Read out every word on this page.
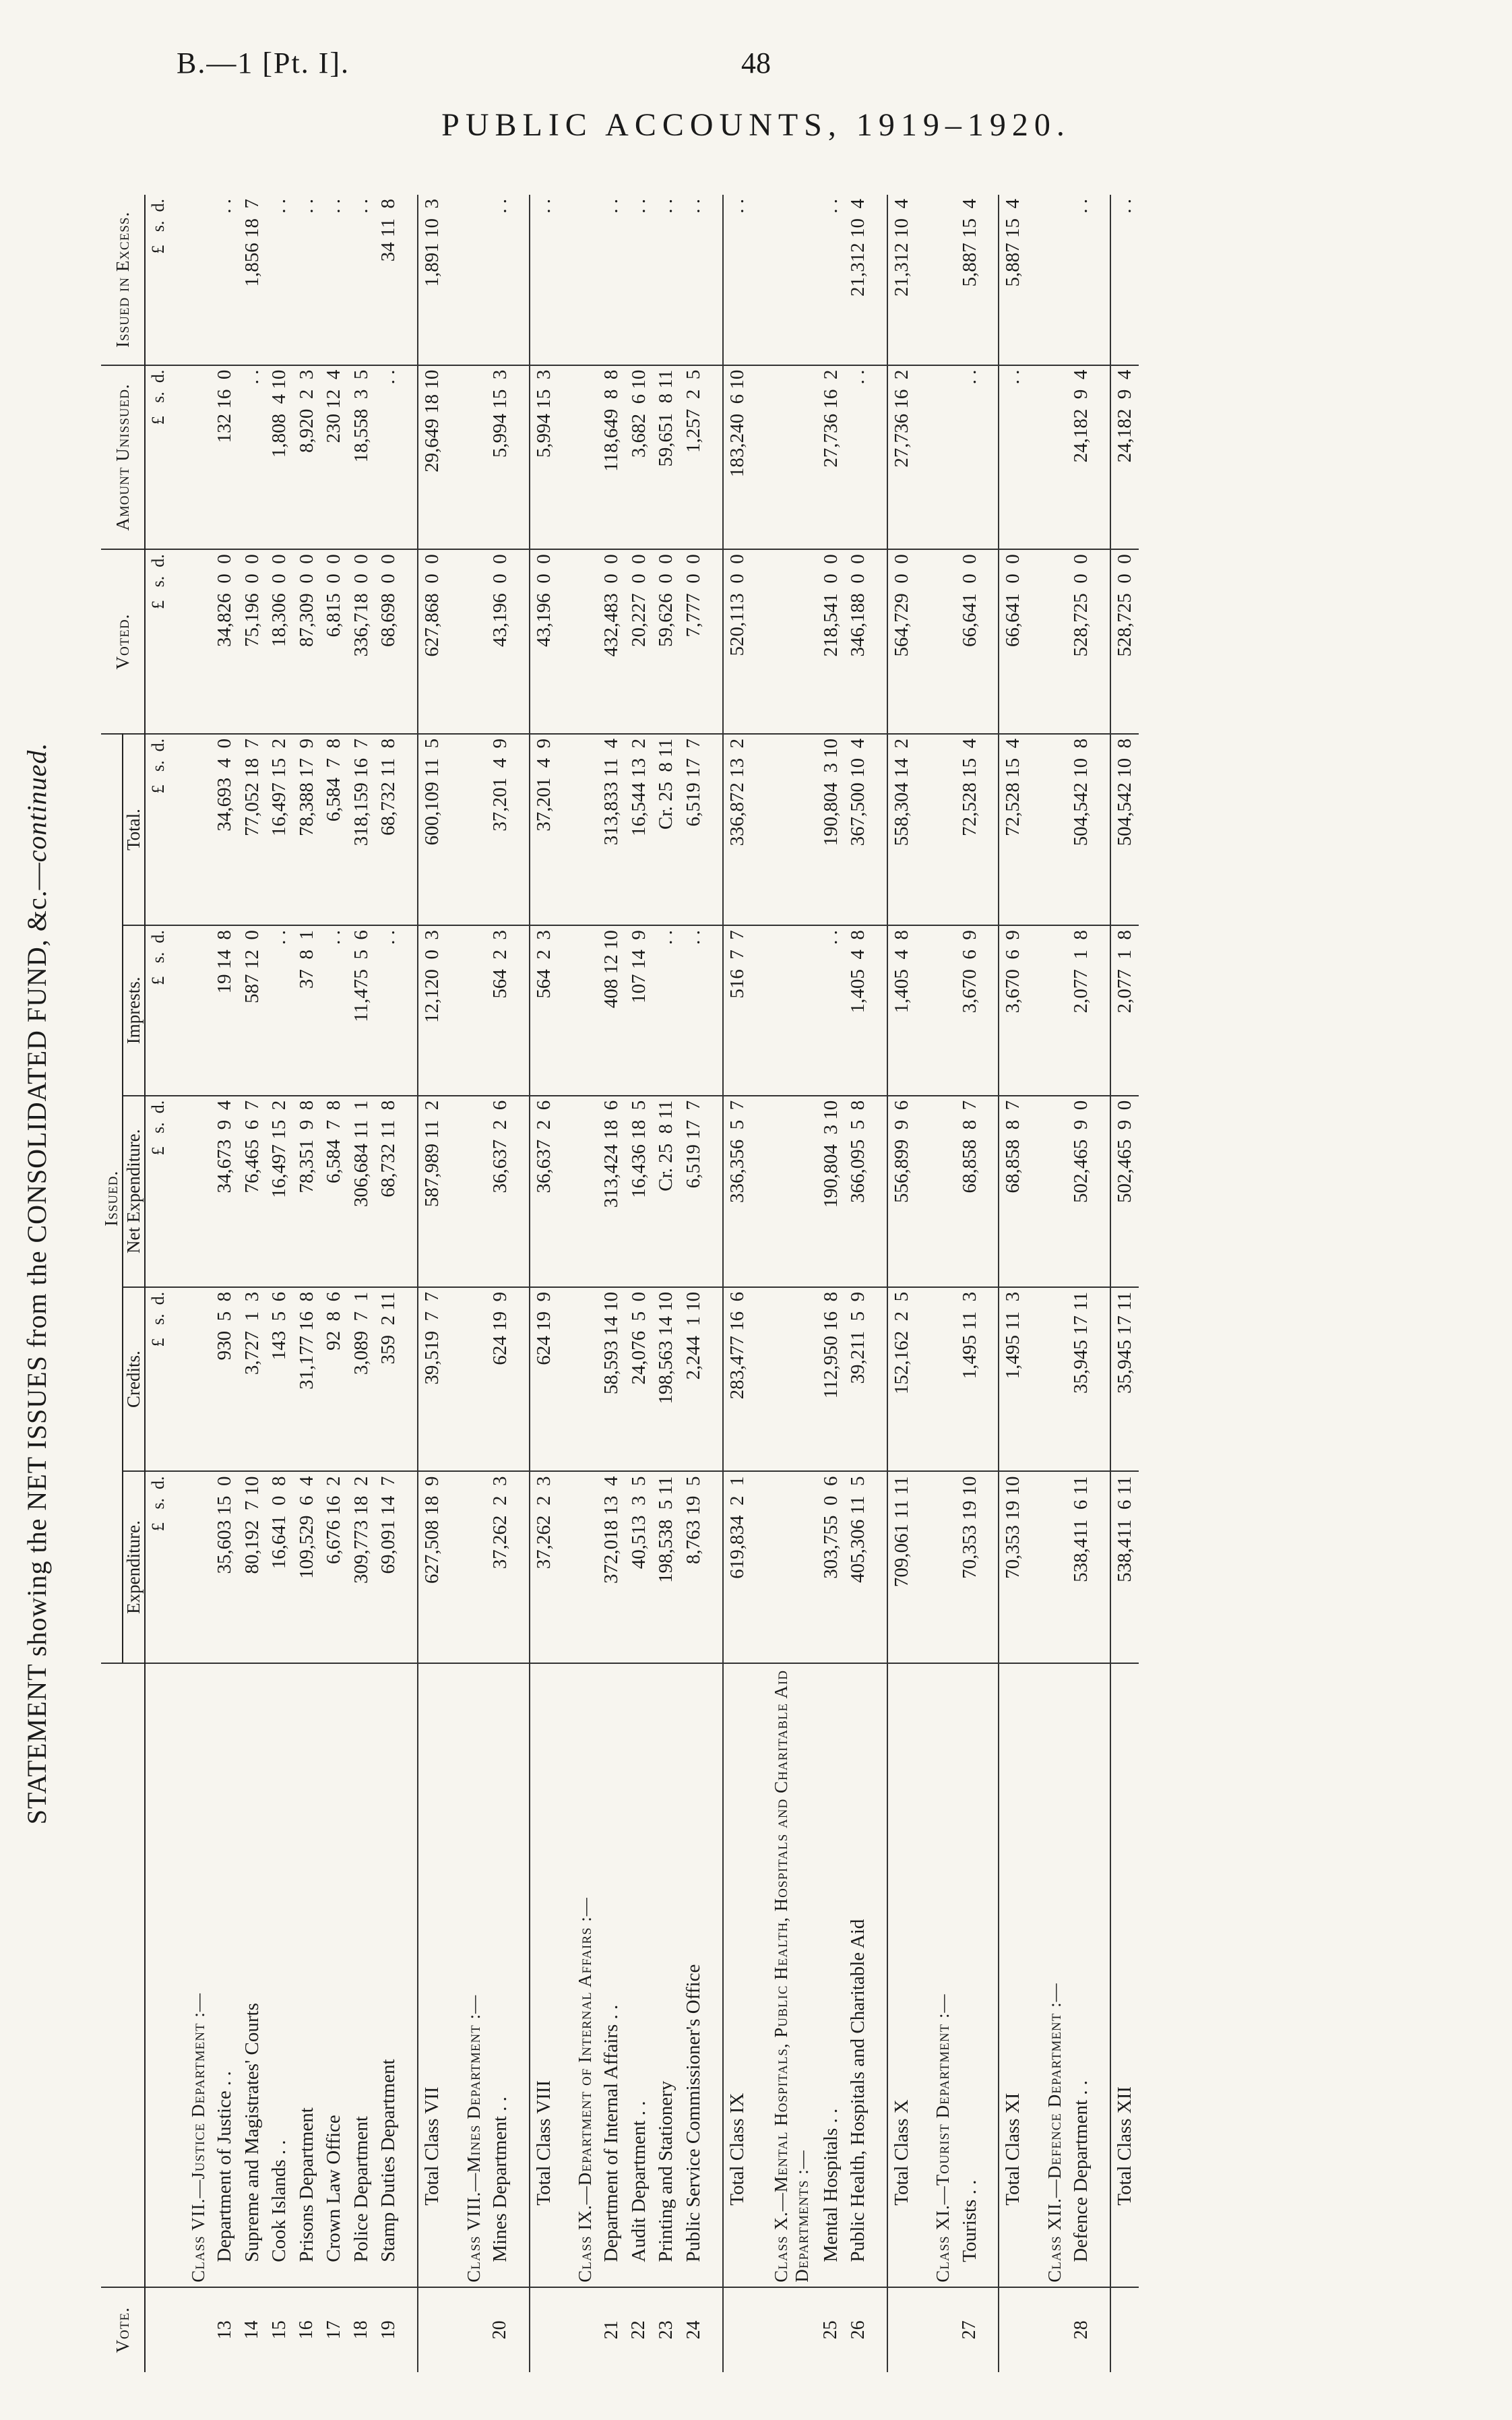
B.—1 [Pt. I].	48
PUBLIC ACCOUNTS, 1919–1920.
STATEMENT showing the NET ISSUES from the CONSOLIDATED FUND, &c.—continued.
Vote.		Issued.					Voted.	Amount Unissued.	Issued in Excess.
		Expenditure.	Credits.	Net Expenditure.	Imprests.	Total.			
		£   s.  d.	£   s.  d.	£   s.  d.	£   s.  d.	£   s.  d.	£   s.  d.	£   s.  d.	£   s.  d.

	Class VII.—Justice Department :—								
13	Department of Justice . .	35,603 15  0	930  5  8	34,673  9  4	19 14  8	34,693  4  0	34,826  0  0	132 16  0	. .
14	Supreme and Magistrates' Courts	80,192  7 10	3,727  1  3	76,465  6  7	587 12  0	77,052 18  7	75,196  0  0	. .	1,856 18  7
15	Cook Islands . .	16,641  0  8	143  5  6	16,497 15  2	. .	16,497 15  2	18,306  0  0	1,808  4 10	. .
16	Prisons Department	109,529  6  4	31,177 16  8	78,351  9  8	37  8  1	78,388 17  9	87,309  0  0	8,920  2  3	. .
17	Crown Law Office	6,676 16  2	92  8  6	6,584  7  8	. .	6,584  7  8	6,815  0  0	230 12  4	. .
18	Police Department	309,773 18  2	3,089  7  1	306,684 11  1	11,475  5  6	318,159 16  7	336,718  0  0	18,558  3  5	. .
19	Stamp Duties Department	69,091 14  7	359  2 11	68,732 11  8	. .	68,732 11  8	68,698  0  0	. .	34 11  8

	Total Class VII	627,508 18  9	39,519  7  7	587,989 11  2	12,120  0  3	600,109 11  5	627,868  0  0	29,649 18 10	1,891 10  3

	Class VIII.—Mines Department :—								
20	Mines Department . .	37,262  2  3	624 19  9	36,637  2  6	564  2  3	37,201  4  9	43,196  0  0	5,994 15  3	. .

	Total Class VIII	37,262  2  3	624 19  9	36,637  2  6	564  2  3	37,201  4  9	43,196  0  0	5,994 15  3	. .

	Class IX.—Department of Internal Affairs :—								
21	Department of Internal Affairs . .	372,018 13  4	58,593 14 10	313,424 18  6	408 12 10	313,833 11  4	432,483  0  0	118,649  8  8	. .
22	Audit Department . .	40,513  3  5	24,076  5  0	16,436 18  5	107 14  9	16,544 13  2	20,227  0  0	3,682  6 10	. .
23	Printing and Stationery	198,538  5 11	198,563 14 10	Cr. 25  8 11	. .	Cr. 25  8 11	59,626  0  0	59,651  8 11	. .
24	Public Service Commissioner's Office	8,763 19  5	2,244  1 10	6,519 17  7	. .	6,519 17  7	7,777  0  0	1,257  2  5	. .

	Total Class IX	619,834  2  1	283,477 16  6	336,356  5  7	516  7  7	336,872 13  2	520,113  0  0	183,240  6 10	. .

	Class X.—Mental Hospitals, Public Health, Hospitals and Charitable Aid Departments :—								
25	Mental Hospitals . .	303,755  0  6	112,950 16  8	190,804  3 10	. .	190,804  3 10	218,541  0  0	27,736 16  2	. .
26	Public Health, Hospitals and Charitable Aid	405,306 11  5	39,211  5  9	366,095  5  8	1,405  4  8	367,500 10  4	346,188  0  0	. .	21,312 10  4

	Total Class X	709,061 11 11	152,162  2  5	556,899  9  6	1,405  4  8	558,304 14  2	564,729  0  0	27,736 16  2	21,312 10  4

	Class XI.—Tourist Department :—								
27	Tourists . .	70,353 19 10	1,495 11  3	68,858  8  7	3,670  6  9	72,528 15  4	66,641  0  0	. .	5,887 15  4

	Total Class XI	70,353 19 10	1,495 11  3	68,858  8  7	3,670  6  9	72,528 15  4	66,641  0  0	. .	5,887 15  4

	Class XII.—Defence Department :—								
28	Defence Department . .	538,411  6 11	35,945 17 11	502,465  9  0	2,077  1  8	504,542 10  8	528,725  0  0	24,182  9  4	. .

	Total Class XII	538,411  6 11	35,945 17 11	502,465  9  0	2,077  1  8	504,542 10  8	528,725  0  0	24,182  9  4	. .
